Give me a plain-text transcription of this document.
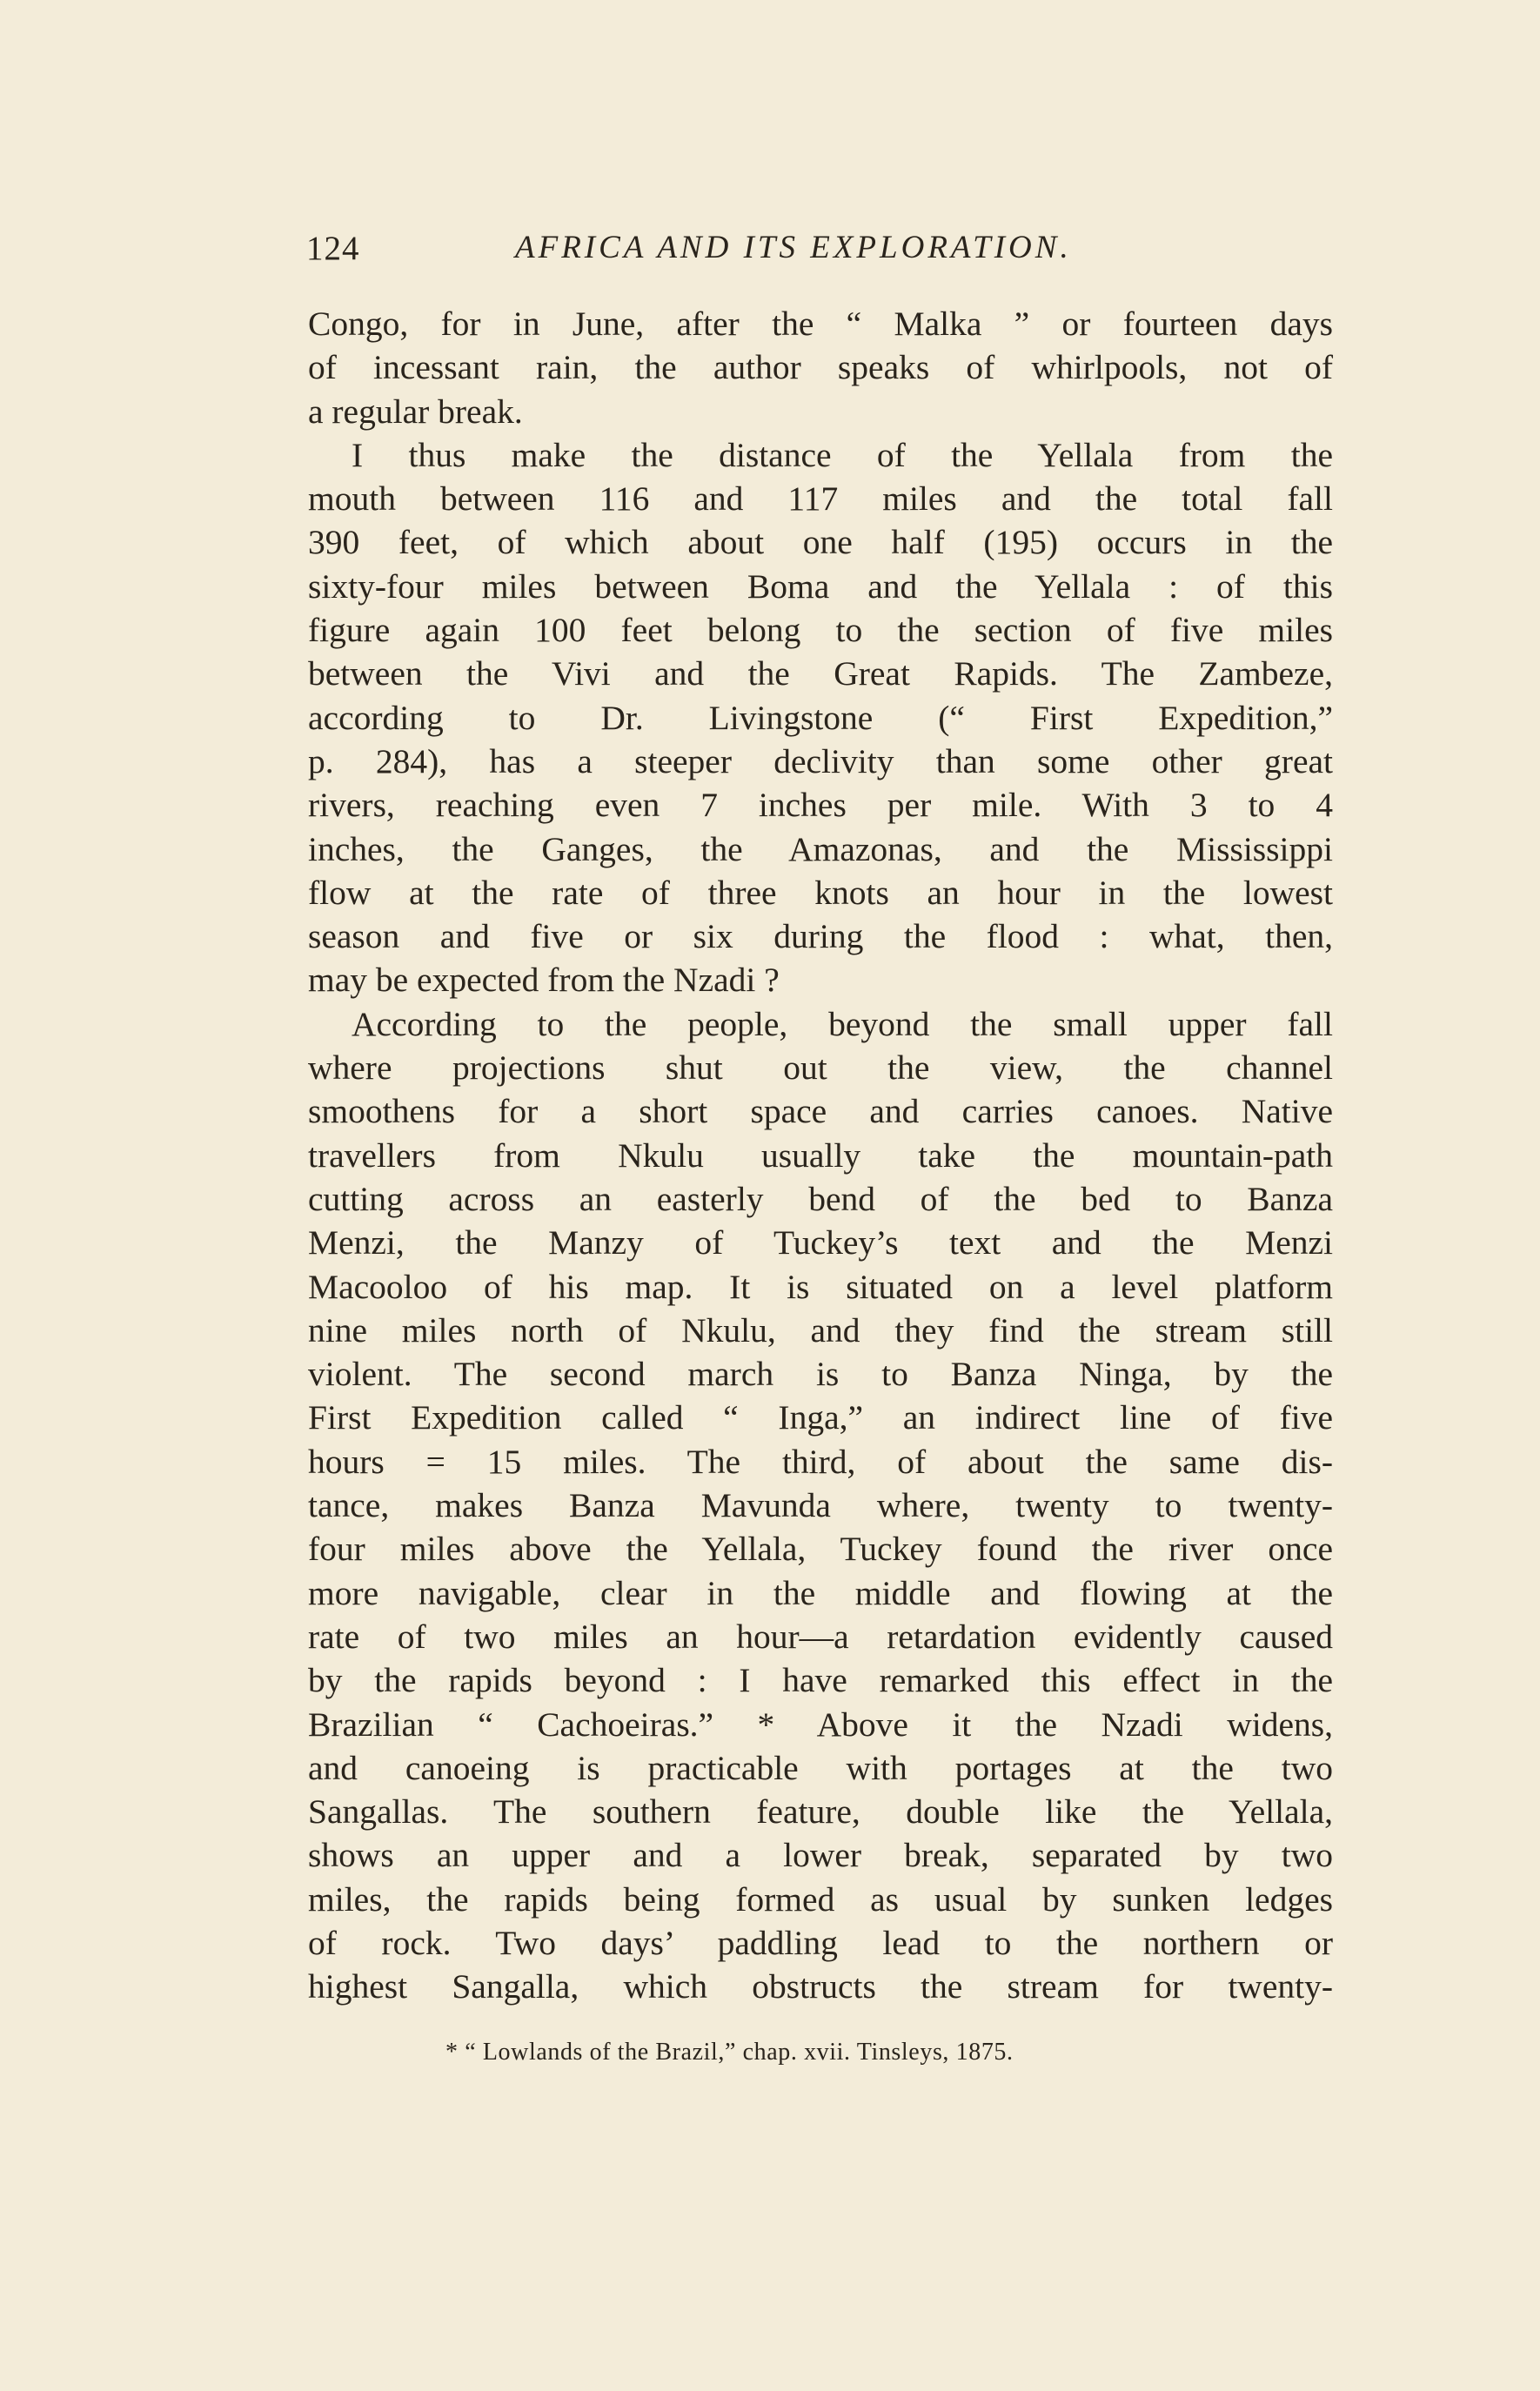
124	AFRICA AND ITS EXPLORATION.
Congo, for in June, after the “ Malka ” or fourteen days
of incessant rain, the author speaks of whirlpools, not of
a regular break.
I thus make the distance of the Yellala from the
mouth between 116 and 117 miles and the total fall
390 feet, of which about one half (195) occurs in the
sixty-four miles between Boma and the Yellala : of this
figure again 100 feet belong to the section of five miles
between the Vivi and the Great Rapids. The Zambeze,
according to Dr. Livingstone (“ First Expedition,”
p. 284), has a steeper declivity than some other great
rivers, reaching even 7 inches per mile. With 3 to 4
inches, the Ganges, the Amazonas, and the Mississippi
flow at the rate of three knots an hour in the lowest
season and five or six during the flood : what, then,
may be expected from the Nzadi ?
According to the people, beyond the small upper fall
where projections shut out the view, the channel
smoothens for a short space and carries canoes. Native
travellers from Nkulu usually take the mountain-path
cutting across an easterly bend of the bed to Banza
Menzi, the Manzy of Tuckey’s text and the Menzi
Macooloo of his map. It is situated on a level platform
nine miles north of Nkulu, and they find the stream still
violent. The second march is to Banza Ninga, by the
First Expedition called “ Inga,” an indirect line of five
hours = 15 miles. The third, of about the same dis-
tance, makes Banza Mavunda where, twenty to twenty-
four miles above the Yellala, Tuckey found the river once
more navigable, clear in the middle and flowing at the
rate of two miles an hour—a retardation evidently caused
by the rapids beyond : I have remarked this effect in the
Brazilian “ Cachoeiras.” * Above it the Nzadi widens,
and canoeing is practicable with portages at the two
Sangallas. The southern feature, double like the Yellala,
shows an upper and a lower break, separated by two
miles, the rapids being formed as usual by sunken ledges
of rock. Two days’ paddling lead to the northern or
highest Sangalla, which obstructs the stream for twenty-
* “ Lowlands of the Brazil,” chap. xvii. Tinsleys, 1875.
